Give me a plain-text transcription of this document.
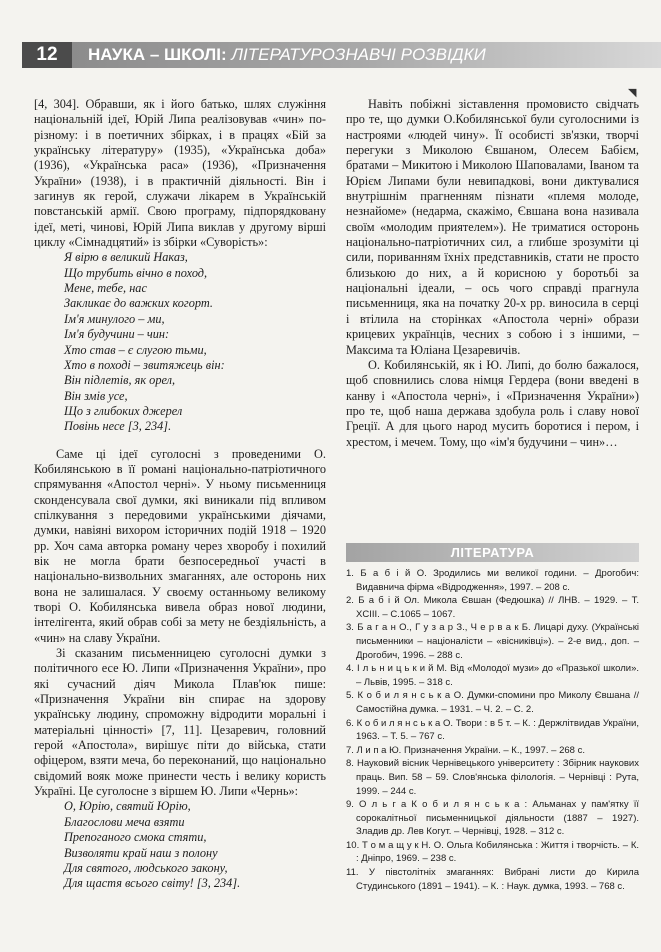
12	НАУКА – ШКОЛІ: ЛІТЕРАТУРОЗНАВЧІ РОЗВІДКИ
◥

[4, 304]. Обравши, як і його батько, шлях служіння національній ідеї, Юрій Липа реалізовував «чин» по-різному: і в поетичних збірках, і в працях «Бій за українську літературу» (1935), «Українська доба» (1936), «Українська раса» (1936), «Призначення України» (1938), і в практичній діяльності. Він і загинув як герой, служачи лікарем в Українській повстанській армії. Свою програму, підпорядковану ідеї, меті, чинові, Юрій Липа виклав у другому вірші циклу «Сімнадцятий» із збірки «Суворість»:

Я вірю в великий Наказ,
Що трубить вічно в поход,
Мене, тебе, нас
Закликає до важких когорт.
Ім'я минулого – ми,
Ім'я будучини – чин:
Хто став – є слугою тьми,
Хто в поході – звитяжець він:
Він підлетів, як орел,
Він змів усе,
Що з глибоких джерел
Повінь несе [3, 234].

Саме ці ідеї суголосні з проведеними О. Кобилянською в її романі національно-патріотичного спрямування «Апостол черні». У ньому письменниця сконденсувала свої думки, які виникали під впливом спілкування з передовими українськими діячами, думки, навіяні вихором історичних подій 1918 – 1920 рр. Хоч сама авторка роману через хворобу і похилий вік не могла брати безпосередньої участі в національно-визвольних змаганнях, але осторонь них вона не залишалася. У своєму останньому великому творі О. Кобилянська вивела образ нової людини, інтелігента, який обрав собі за мету не бездіяльність, а «чин» на славу України.

Зі сказаним письменницею суголосні думки з політичного есе Ю. Липи «Призначення України», про які сучасний діяч Микола Плав'юк пише: «Призначення України він спирає на здорову українську людину, спроможну відродити моральні і матеріальні цінності» [7, 11]. Цезаревич, головний герой «Апостола», вирішує піти до війська, стати офіцером, взяти меча, бо переконаний, що національно свідомий вояк може принести честь і велику користь Україні. Це суголосне з віршем Ю. Липи «Чернь»:

О, Юрію, святий Юрію,
Благослови меча взяти
Препоганого смока стяти,
Визволяти край наш з полону
Для святого, людського закону,
Для щастя всього світу! [3, 234].

Навіть побіжні зіставлення промовисто свідчать про те, що думки О.Кобилянської були суголосними із настроями «людей чину». Її особисті зв'язки, творчі перегуки з Миколою Євшаном, Олесем Бабієм, братами – Микитою і Миколою Шаповалами, Іваном та Юрієм Липами були невипадкові, вони диктувалися внутрішнім прагненням пізнати «племя молоде, незнайоме» (недарма, скажімо, Євшана вона називала своїм «молодим приятелем»). Не триматися осторонь національно-патріотичних сил, а глибше зрозуміти ці сили, пориванням їхніх представників, стати не просто близькою до них, а й корисною у боротьбі за національні ідеали, – ось чого справді прагнула письменниця, яка на початку 20-х рр. виносила в серці і втілила на сторінках «Апостола черні» образи крицевих українців, чесних з собою і з іншими, – Максима та Юліана Цезаревичів.

О. Кобилянській, як і Ю. Липі, до болю бажалося, щоб сповнились слова німця Гердера (вони введені в канву і «Апостола черні», і «Призначення України») про те, щоб наша держава здобула роль і славу нової Греції. А для цього народ мусить боротися і пером, і хрестом, і мечем. Тому, що «ім'я будучини – чин»…

ЛІТЕРАТУРА
1. Б а б і й О. Зродились ми великої години. – Дрогобич: Видавнича фірма «Відродження», 1997. – 208 с.
2. Б а б і й Ол. Микола Євшан (Федюшка) // ЛНВ. – 1929. – Т. XCIII. – С.1065 – 1067.
3. Б а г а н О., Г у з а р З., Ч е р в а к Б. Лицарі духу. (Українські письменники – націоналісти – «вісниківці»). – 2-е вид., доп. – Дрогобич, 1996. – 288 с.
4. І л ь н и ц ь к и й М. Від «Молодої музи» до «Празької школи». – Львів, 1995. – 318 с.
5. К о б и л я н с ь к а О. Думки-спомини про Миколу Євшана // Самостійна думка. – 1931. – Ч. 2. – С. 2.
6. К о б и л я н с ь к а О. Твори : в 5 т. – К. : Держлітвидав України, 1963. – Т. 5. – 767 с.
7. Л и п а Ю. Призначення України. – К., 1997. – 268 с.
8. Науковий вісник Чернівецького університету : Збірник наукових праць. Вип. 58 – 59. Слов'янська філологія. – Чернівці : Рута, 1999. – 244 с.
9. О л ь г а К о б и л я н с ь к а : Альманах у пам'ятку її сорокалітньої письменницької діяльности (1887 – 1927). Зладив др. Лев Когут. – Чернівці, 1928. – 312 с.
10. Т о м а щ у к Н. О. Ольга Кобилянська : Життя і творчість. – К. : Дніпро, 1969. – 238 с.
11. У півстолітніх змаганнях: Вибрані листи до Кирила Студинського (1891 – 1941). – К. : Наук. думка, 1993. – 768 с.
